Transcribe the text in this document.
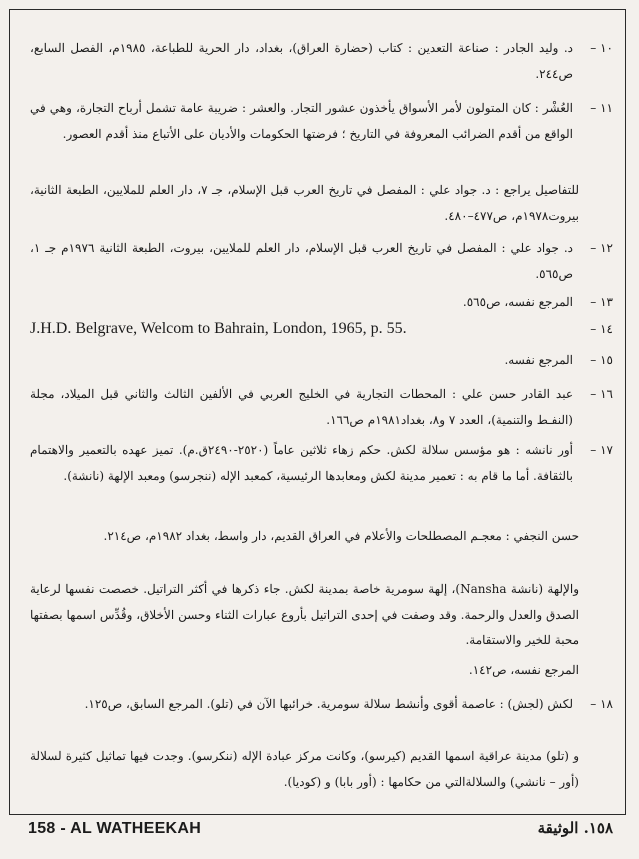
١٠ –
د. وليد الجادر : صناعة التعدين : كتاب (حضارة العراق)، بغداد، دار الحرية للطباعة، ١٩٨٥م، الفصل السابع، ص٢٤٤.
١١ –
العُشْر : كان المتولون لأمر الأسواق يأخذون عشور التجار. والعشر : ضريبة عامة تشمل أرباح التجارة، وهي في الواقع من أقدم الضرائب المعروفة في التاريخ ؛ فرضتها الحكومات والأديان على الأتباع منذ أقدم العصور.
للتفاصيل يراجع : د. جواد علي : المفصل في تاريخ العرب قبل الإسلام، جـ ٧، دار العلم للملايين، الطبعة الثانية، بيروت١٩٧٨م، ص٤٧٧–٤٨٠.
١٢ –
د. جواد علي : المفصل في تاريخ العرب قبل الإسلام، دار العلم للملايين، بيروت، الطبعة الثانية ١٩٧٦م جـ ١، ص٥٦٥.
١٣ –
المرجع نفسه، ص٥٦٥.
J.H.D. Belgrave, Welcom to Bahrain, London, 1965, p. 55.	١٤ –
١٥ –
المرجع نفسه.
١٦ –
عبد القادر حسن علي : المحطات التجارية في الخليج العربي في الألفين الثالث والثاني قبل الميلاد، مجلة (النفـط والتنمية)، العدد ٧ و٨، بغداد١٩٨١م ص١٦٦.
١٧ –
أور نانشه : هو مؤسس سلالة لكش. حكم زهاء ثلاثين عاماً (٢٥٢٠-٢٤٩٠ق.م). تميز عهده بالتعمير والاهتمام بالثقافة. أما ما قام به : تعمير مدينة لكش ومعابدها الرئيسية، كمعبد الإله (ننجرسو) ومعبد الإلهة (نانشة).
حسن النجفي : معجـم المصطلحات والأعلام في العراق القديم، دار واسط، بغداد ١٩٨٢م، ص٢١٤.
والإلهة (نانشة Nansha)، إلهة سومرية خاصة بمدينة لكش. جاء ذكرها في أكثر التراتيل. خصصت نفسها لرعاية الصدق والعدل والرحمة. وقد وصفت في إحدى التراتيل بأروع عبارات الثناء وحسن الأخلاق، وقُدِّس اسمها بصفتها محبة للخير والاستقامة.
المرجع نفسه، ص١٤٢.
١٨ –
لكش (لجش) : عاصمة أقوى وأنشط سلالة سومرية. خرائبها الآن في (تلو). المرجع السابق، ص١٢٥.
و (تلو) مدينة عراقية اسمها القديم (كيرسو)، وكانت مركز عبادة الإله (ننكرسو). وجدت فيها تماثيل كثيرة لسلالة (أور – نانشي) والسلالةالتي من حكامها : (أور بابا) و (كوديا).
158 - AL WATHEEKAH	١٥٨. الوثيقة
